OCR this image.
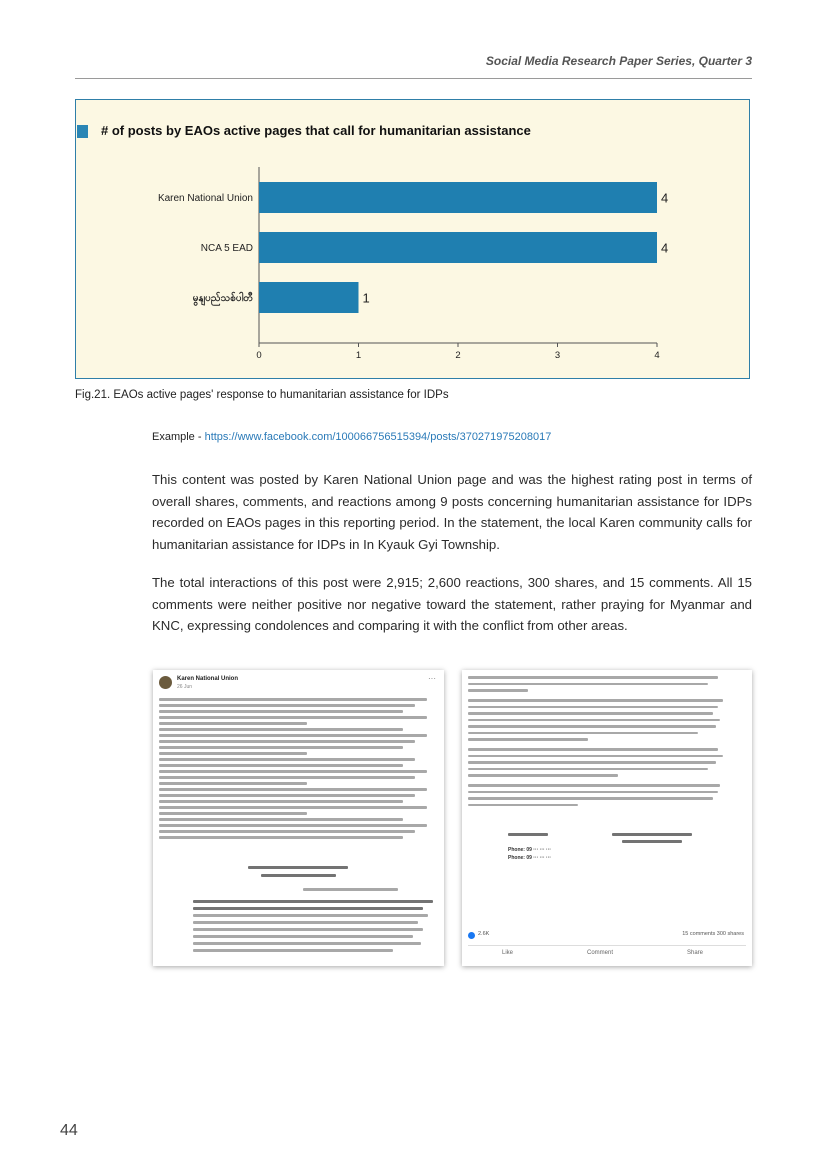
Social Media Research Paper Series, Quarter 3
# of posts by EAOs active pages that call for humanitarian assistance
0	1	2	3	4
Karen National Union	4
NCA 5 EAD	4
မွနျပည်သစ်ပါတီ	1
Fig.21. EAOs active pages' response to humanitarian assistance for IDPs
Example - https://www.facebook.com/100066756515394/posts/370271975208017

This content was posted by Karen National Union page and was the highest rating post in terms of overall shares, comments, and reactions among 9 posts concerning humanitarian assistance for IDPs recorded on EAOs pages in this reporting period. In the statement, the local Karen community calls for humanitarian assistance for IDPs in In Kyauk Gyi Township.

The total interactions of this post were 2,915; 2,600 reactions, 300 shares, and 15 comments. All 15 comments were neither positive nor negative toward the statement, rather praying for Myanmar and KNC, expressing condolences and comparing it with the conflict from other areas.

Karen National Union
26 Jun
···
Phone: 09 ··· ··· ···
Phone: 09 ··· ··· ···
2.6K	15 comments 300 shares
Like	Comment	Share
44
